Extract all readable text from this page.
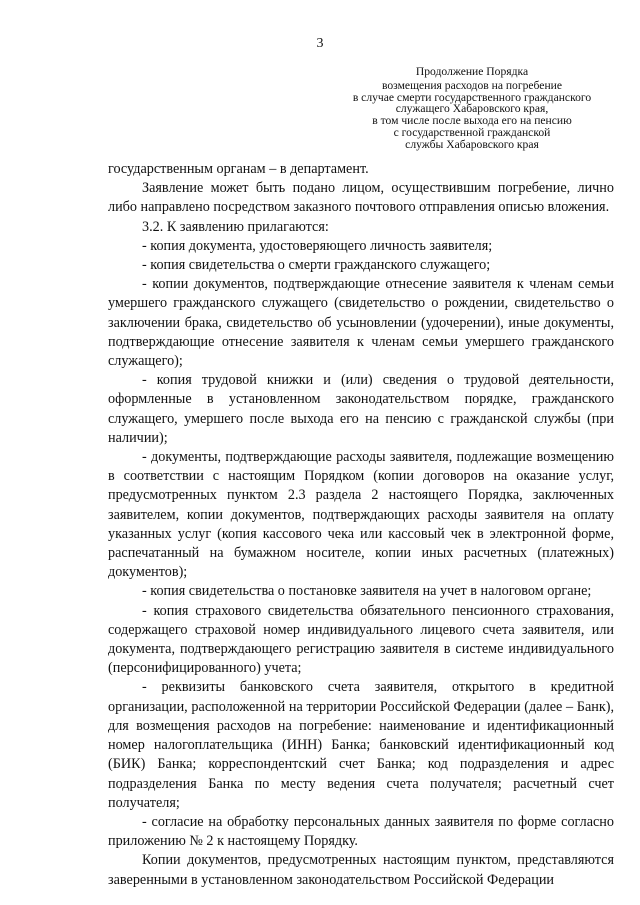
3
Продолжение Порядка
возмещения расходов на погребение
в случае смерти государственного гражданского
служащего Хабаровского края,
в том числе после выхода его на пенсию
с государственной гражданской
службы Хабаровского края

государственным органам – в департамент.

Заявление может быть подано лицом, осуществившим погребение, лично либо направлено посредством заказного почтового отправления описью вложения.

3.2. К заявлению прилагаются:

- копия документа, удостоверяющего личность заявителя;

- копия свидетельства о смерти гражданского служащего;

- копии документов, подтверждающие отнесение заявителя к членам семьи умершего гражданского служащего (свидетельство о рождении, свидетельство о заключении брака, свидетельство об усыновлении (удочерении), иные документы, подтверждающие отнесение заявителя к членам семьи умершего гражданского служащего);

- копия трудовой книжки и (или) сведения о трудовой деятельности, оформленные в установленном законодательством порядке, гражданского служащего, умершего после выхода его на пенсию с гражданской службы (при наличии);

- документы, подтверждающие расходы заявителя, подлежащие возмещению в соответствии с настоящим Порядком (копии договоров на оказание услуг, предусмотренных пунктом 2.3 раздела 2 настоящего Порядка, заключенных заявителем, копии документов, подтверждающих расходы заявителя на оплату указанных услуг (копия кассового чека или кассовый чек в электронной форме, распечатанный на бумажном носителе, копии иных расчетных (платежных) документов);

- копия свидетельства о постановке заявителя на учет в налоговом органе;

- копия страхового свидетельства обязательного пенсионного страхования, содержащего страховой номер индивидуального лицевого счета заявителя, или документа, подтверждающего регистрацию заявителя в системе индивидуального (персонифицированного) учета;

- реквизиты банковского счета заявителя, открытого в кредитной организации, расположенной на территории Российской Федерации (далее – Банк), для возмещения расходов на погребение: наименование и идентификационный номер налогоплательщика (ИНН) Банка; банковский идентификационный код (БИК) Банка; корреспондентский счет Банка; код подразделения и адрес подразделения Банка по месту ведения счета получателя; расчетный счет получателя;

- согласие на обработку персональных данных заявителя по форме согласно приложению № 2 к настоящему Порядку.

Копии документов, предусмотренных настоящим пунктом, представляются заверенными в установленном законодательством Российской Федерации
